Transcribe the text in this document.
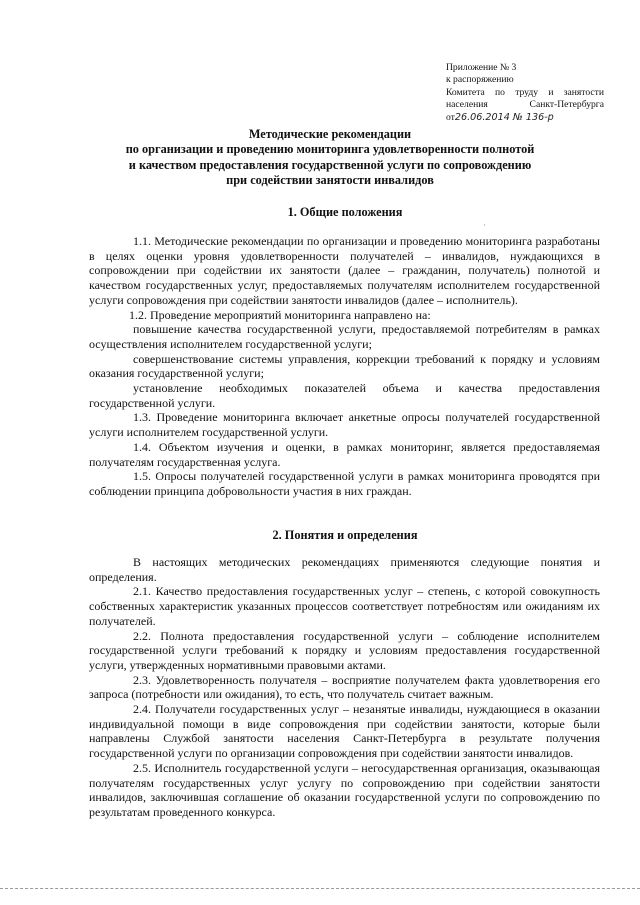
Приложение № 3
к распоряжению
Комитета по труду и занятости
населения Санкт-Петербурга
от26.06.2014 № 136-р
Методические рекомендации
по организации и проведению мониторинга удовлетворенности полнотой
и качеством предоставления государственной услуги по сопровождению
при содействии занятости инвалидов
1. Общие положения
·

1.1. Методические рекомендации по организации и проведению мониторинга разработаны в целях оценки уровня удовлетворенности получателей – инвалидов, нуждающихся в сопровождении при содействии их занятости (далее – гражданин, получатель) полнотой и качеством государственных услуг, предоставляемых получателям исполнителем государственной услуги сопровождения при содействии занятости инвалидов (далее – исполнитель).

1.2. Проведение мероприятий мониторинга направлено на:

повышение качества государственной услуги, предоставляемой потребителям в рамках осуществления исполнителем государственной услуги;

совершенствование системы управления, коррекции требований к порядку и условиям оказания государственной услуги;

установление необходимых показателей объема и качества предоставления государственной услуги.

1.3. Проведение мониторинга включает анкетные опросы получателей государственной услуги исполнителем государственной услуги.

1.4. Объектом изучения и оценки, в рамках мониторинг, является предоставляемая получателям государственная услуга.

1.5. Опросы получателей государственной услуги в рамках мониторинга проводятся при соблюдении принципа добровольности участия в них граждан.

2. Понятия и определения

В настоящих методических рекомендациях применяются следующие понятия и определения.

2.1. Качество предоставления государственных услуг – степень, с которой совокупность собственных характеристик указанных процессов соответствует потребностям или ожиданиям их получателей.

2.2. Полнота предоставления государственной услуги – соблюдение исполнителем государственной услуги требований к порядку и условиям предоставления государственной услуги, утвержденных нормативными правовыми актами.

2.3. Удовлетворенность получателя – восприятие получателем факта удовлетворения его запроса (потребности или ожидания), то есть, что получатель считает важным.

2.4. Получатели государственных услуг – незанятые инвалиды, нуждающиеся в оказании индивидуальной помощи в виде сопровождения при содействии занятости, которые были направлены Службой занятости населения Санкт-Петербурга в результате получения государственной услуги по организации сопровождения при содействии занятости инвалидов.

2.5. Исполнитель государственной услуги – негосударственная организация, оказывающая получателям государственных услуг услугу по сопровождению при содействии занятости инвалидов, заключившая соглашение об оказании государственной услуги по сопровождению по результатам проведенного конкурса.
